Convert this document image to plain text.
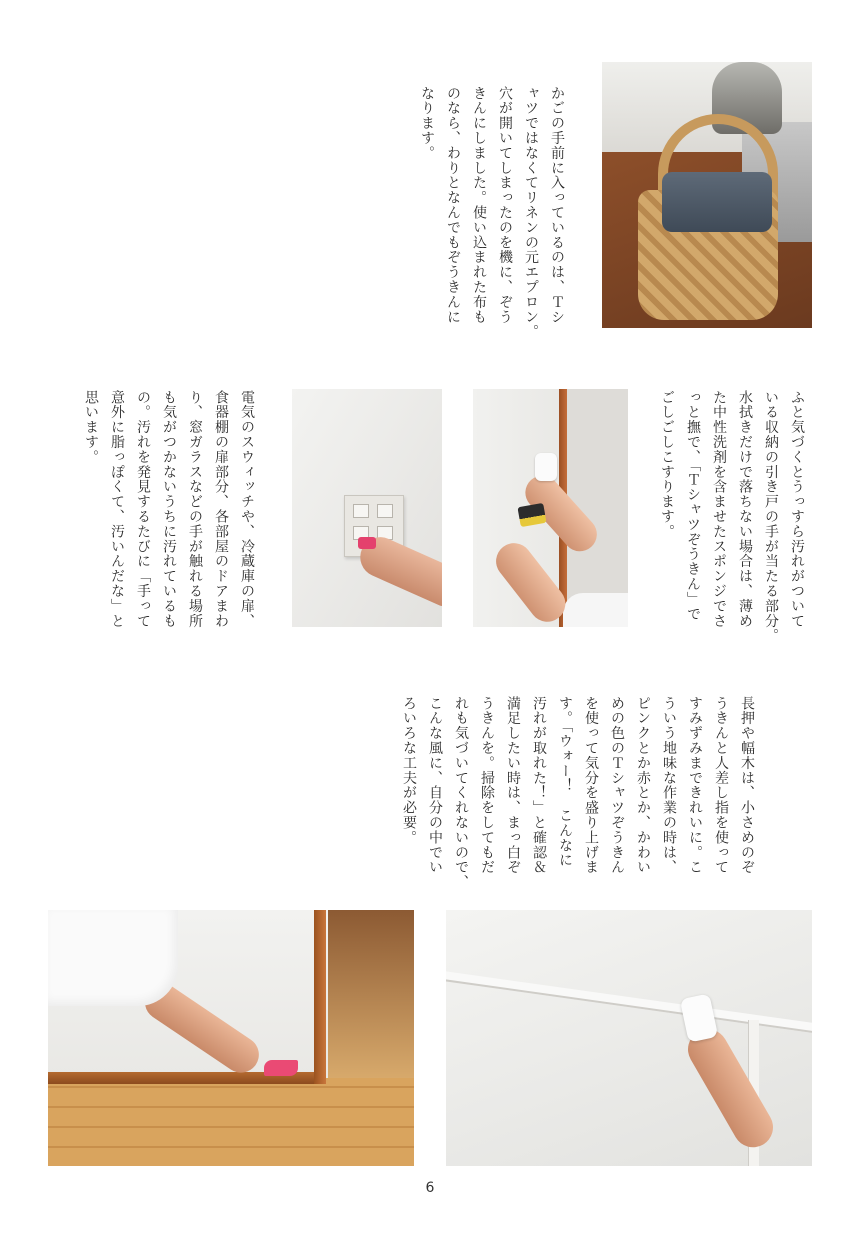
かごの手前に入っているのは、Ｔシ
ャツではなくてリネンの元エプロン。
穴が開いてしまったのを機に、ぞう
きんにしました。使い込まれた布も
のなら、わりとなんでもぞうきんに
なります。
ふと気づくとうっすら汚れがついて
いる収納の引き戸の手が当たる部分。
水拭きだけで落ちない場合は、薄め
た中性洗剤を含ませたスポンジでさ
っと撫で、「Ｔシャツぞうきん」で
ごしごしこすります。
電気のスウィッチや、冷蔵庫の扉、
食器棚の扉部分、各部屋のドアまわ
り、窓ガラスなどの手が触れる場所
も気がつかないうちに汚れているも
の。汚れを発見するたびに「手って
意外に脂っぽくて、汚いんだな」と
思います。
長押や幅木は、小さめのぞ
うきんと人差し指を使って
すみずみまできれいに。こ
ういう地味な作業の時は、
ピンクとか赤とか、かわい
めの色のＴシャツぞうきん
を使って気分を盛り上げま
す。「ウォー！　こんなに
汚れが取れた！」と確認＆
満足したい時は、まっ白ぞ
うきんを。掃除をしてもだ
れも気づいてくれないので、
こんな風に、自分の中でい
ろいろな工夫が必要。
6
